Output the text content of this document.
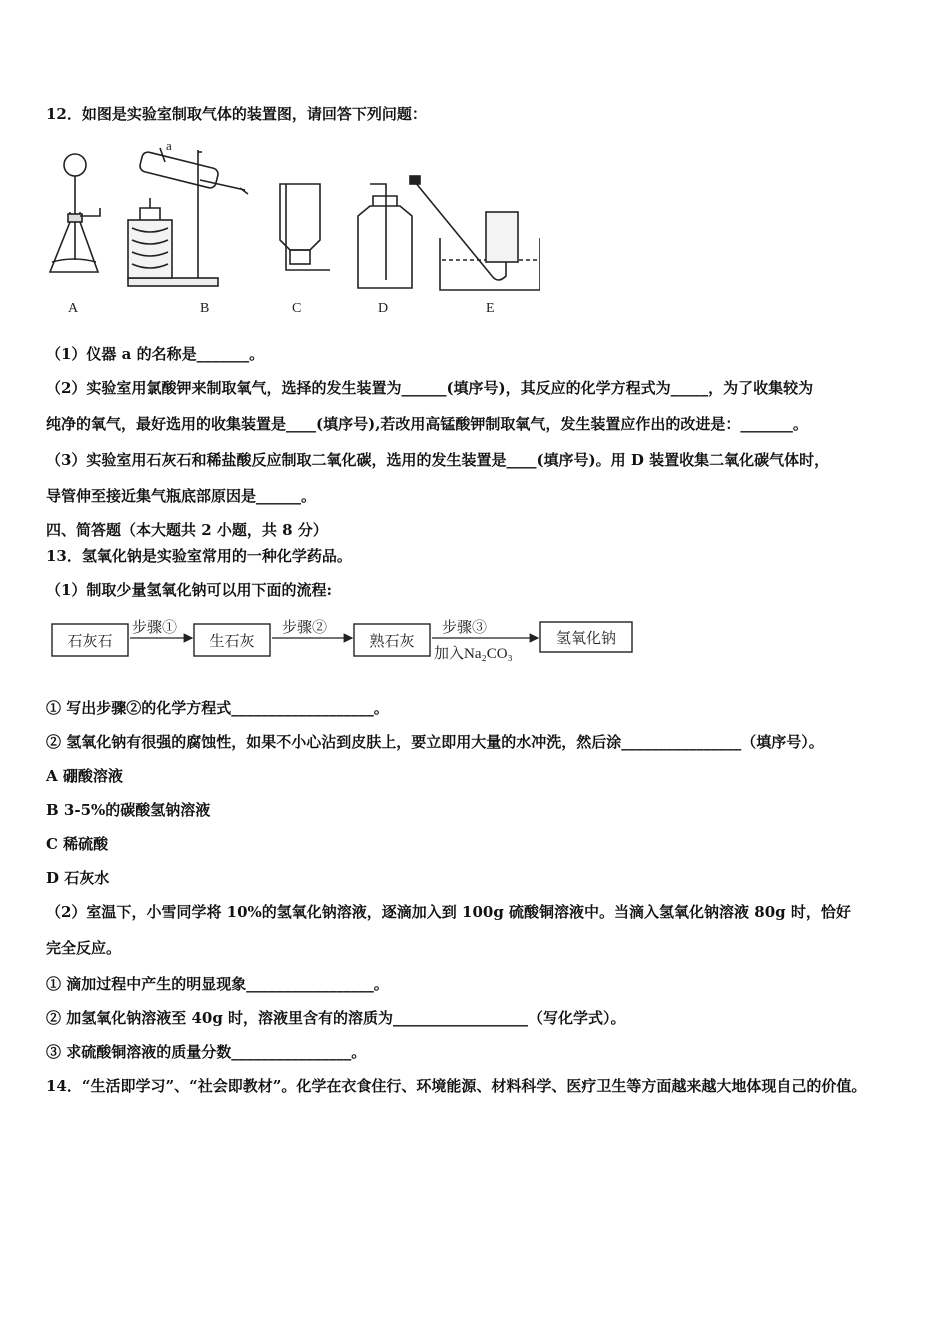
12．如图是实验室制取气体的装置图，请回答下列问题：
a
A	B	C	D	E
（1）仪器 a 的名称是_______。
（2）实验室用氯酸钾来制取氧气，选择的发生装置为______(填序号)，其反应的化学方程式为_____，为了收集较为
纯净的氧气，最好选用的收集装置是____(填序号),若改用高锰酸钾制取氧气，发生装置应作出的改进是：_______。
（3）实验室用石灰石和稀盐酸反应制取二氧化碳，选用的发生装置是____(填序号)。用 D 装置收集二氧化碳气体时，
导管伸至接近集气瓶底部原因是______。
四、简答题（本大题共 2 小题，共 8 分）
13．氢氧化钠是实验室常用的一种化学药品。
（1）制取少量氢氧化钠可以用下面的流程:
石灰石
步骤①
生石灰
步骤②
熟石灰
步骤③
加入Na₂CO₃
氢氧化钠
① 写出步骤②的化学方程式___________________。
② 氢氧化钠有很强的腐蚀性，如果不小心沾到皮肤上，要立即用大量的水冲洗，然后涂________________（填序号）。
A 硼酸溶液
B 3-5%的碳酸氢钠溶液
C 稀硫酸
D 石灰水
（2）室温下，小雪同学将 10%的氢氧化钠溶液，逐滴加入到 100g 硫酸铜溶液中。当滴入氢氧化钠溶液 80g 时，恰好
完全反应。
① 滴加过程中产生的明显现象_________________。
② 加氢氧化钠溶液至 40g 时，溶液里含有的溶质为__________________（写化学式）。
③ 求硫酸铜溶液的质量分数________________。
14．“生活即学习”、“社会即教材”。化学在衣食住行、环境能源、材料科学、医疗卫生等方面越来越大地体现自己的价值。
